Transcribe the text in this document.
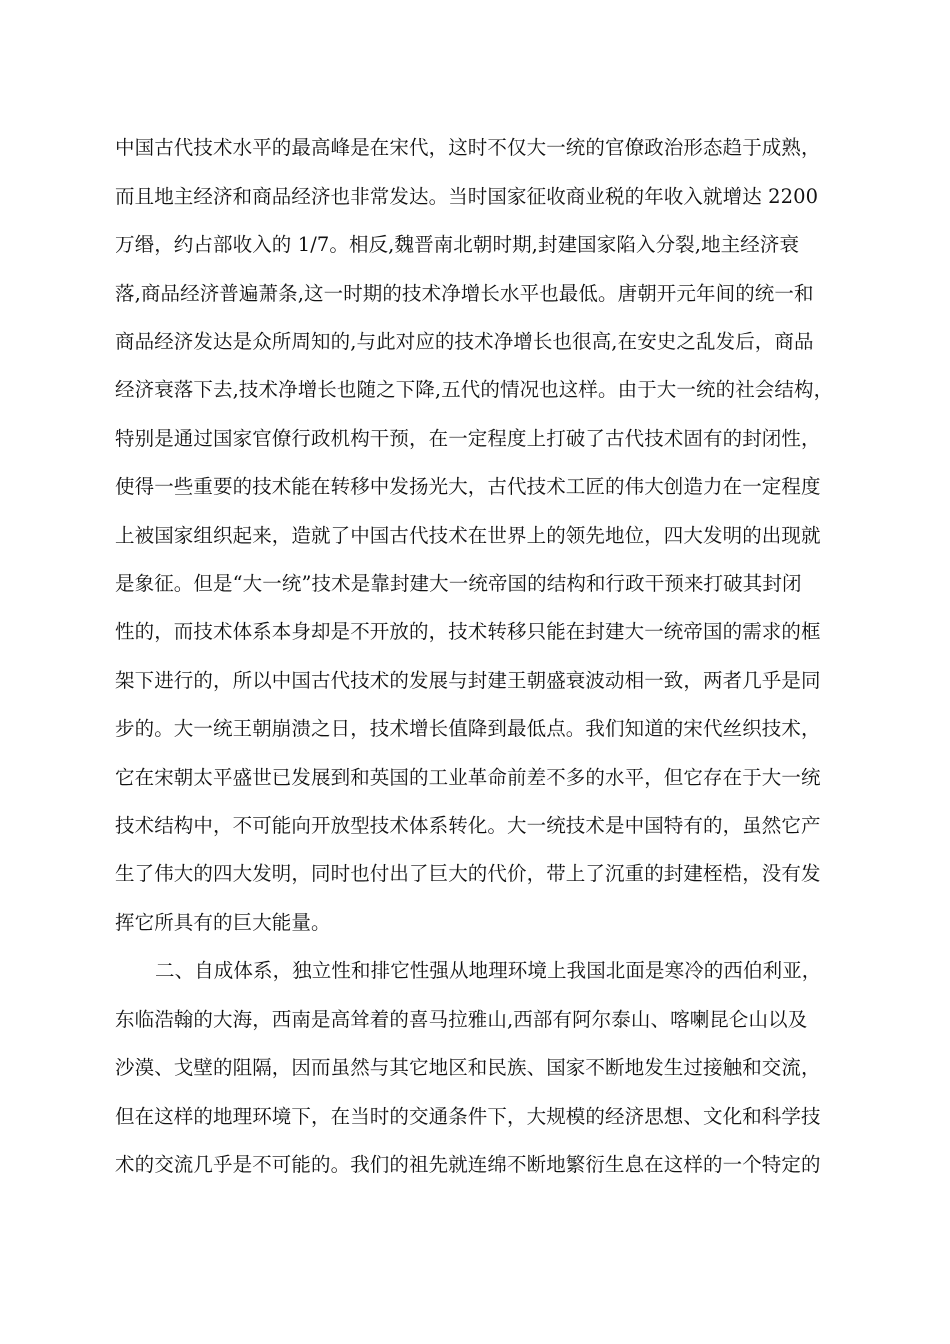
中国古代技术水平的最高峰是在宋代，这时不仅大一统的官僚政治形态趋于成熟，
而且地主经济和商品经济也非常发达。当时国家征收商业税的年收入就增达 2200
万缗，约占部收入的 1/7。相反,魏晋南北朝时期,封建国家陷入分裂,地主经济衰
落,商品经济普遍萧条,这一时期的技术净增长水平也最低。唐朝开元年间的统一和
商品经济发达是众所周知的,与此对应的技术净增长也很高,在安史之乱发后，商品
经济衰落下去,技术净增长也随之下降,五代的情况也这样。由于大一统的社会结构，
特别是通过国家官僚行政机构干预，在一定程度上打破了古代技术固有的封闭性，
使得一些重要的技术能在转移中发扬光大，古代技术工匠的伟大创造力在一定程度
上被国家组织起来，造就了中国古代技术在世界上的领先地位，四大发明的出现就
是象征。但是“大一统”技术是靠封建大一统帝国的结构和行政干预来打破其封闭
性的，而技术体系本身却是不开放的，技术转移只能在封建大一统帝国的需求的框
架下进行的，所以中国古代技术的发展与封建王朝盛衰波动相一致，两者几乎是同
步的。大一统王朝崩溃之日，技术增长值降到最低点。我们知道的宋代丝织技术，
它在宋朝太平盛世已发展到和英国的工业革命前差不多的水平，但它存在于大一统
技术结构中，不可能向开放型技术体系转化。大一统技术是中国特有的，虽然它产
生了伟大的四大发明，同时也付出了巨大的代价，带上了沉重的封建桎梏，没有发
挥它所具有的巨大能量。
二、自成体系，独立性和排它性强从地理环境上我国北面是寒冷的西伯利亚，
东临浩翰的大海，西南是高耸着的喜马拉雅山,西部有阿尔泰山、喀喇昆仑山以及
沙漠、戈壁的阻隔，因而虽然与其它地区和民族、国家不断地发生过接触和交流，
但在这样的地理环境下，在当时的交通条件下，大规模的经济思想、文化和科学技
术的交流几乎是不可能的。我们的祖先就连绵不断地繁衍生息在这样的一个特定的
